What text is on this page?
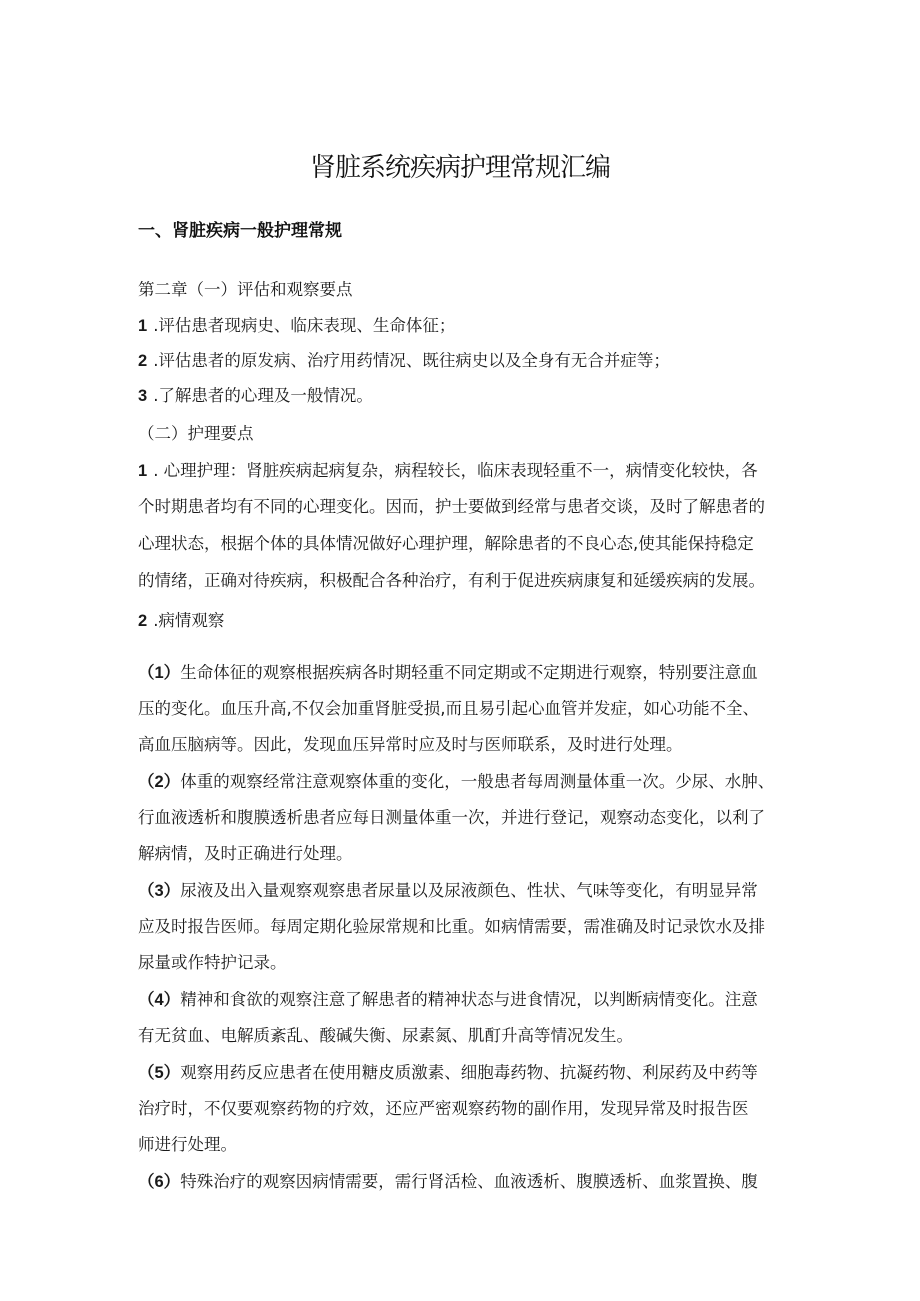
肾脏系统疾病护理常规汇编
一、肾脏疾病一般护理常规
第二章（一）评估和观察要点
1 .评估患者现病史、临床表现、生命体征；
2 .评估患者的原发病、治疗用药情况、既往病史以及全身有无合并症等；
3 .了解患者的心理及一般情况。
（二）护理要点
1 . 心理护理：肾脏疾病起病复杂，病程较长，临床表现轻重不一，病情变化较快，各
个时期患者均有不同的心理变化。因而，护士要做到经常与患者交谈，及时了解患者的
心理状态，根据个体的具体情况做好心理护理，解除患者的不良心态,使其能保持稳定
的情绪，正确对待疾病，积极配合各种治疗，有利于促进疾病康复和延缓疾病的发展。
2 .病情观察
（1）生命体征的观察根据疾病各时期轻重不同定期或不定期进行观察，特别要注意血
压的变化。血压升高,不仅会加重肾脏受损,而且易引起心血管并发症，如心功能不全、
高血压脑病等。因此，发现血压异常时应及时与医师联系，及时进行处理。
（2）体重的观察经常注意观察体重的变化，一般患者每周测量体重一次。少尿、水肿、
行血液透析和腹膜透析患者应每日测量体重一次，并进行登记，观察动态变化，以利了
解病情，及时正确进行处理。
（3）尿液及出入量观察观察患者尿量以及尿液颜色、性状、气味等变化，有明显异常
应及时报告医师。每周定期化验尿常规和比重。如病情需要，需准确及时记录饮水及排
尿量或作特护记录。
（4）精神和食欲的观察注意了解患者的精神状态与进食情况，以判断病情变化。注意
有无贫血、电解质紊乱、酸碱失衡、尿素氮、肌酊升高等情况发生。
（5）观察用药反应患者在使用糖皮质激素、细胞毒药物、抗凝药物、利尿药及中药等
治疗时，不仅要观察药物的疗效，还应严密观察药物的副作用，发现异常及时报告医
师进行处理。
（6）特殊治疗的观察因病情需要，需行肾活检、血液透析、腹膜透析、血浆置换、腹
